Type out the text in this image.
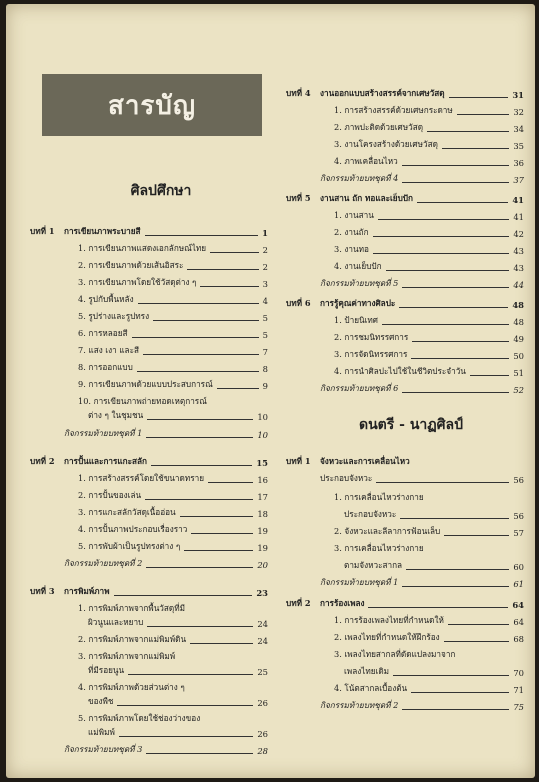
สารบัญ
ศิลปศึกษา
บทที่ 1	การเขียนภาพระบายสี	1
1. การเขียนภาพแสดงเอกลักษณ์ไทย	2
2. การเขียนภาพด้วยเส้นอิสระ	2
3. การเขียนภาพโดยใช้วัสดุต่าง ๆ	3
4. รูปกับพื้นหลัง	4
5. รูปร่างและรูปทรง	5
6. การหลอยสี	5
7. แสง เงา และสี	7
8. การออกแบบ	8
9. การเขียนภาพด้วยแบบประสบการณ์	9
10. การเขียนภาพถ่ายทอดเหตุการณ์
ต่าง ๆ ในชุมชน	10
กิจกรรมท้ายบทชุดที่ 1	10
บทที่ 2	การปั้นและการแกะสลัก	15
1. การสร้างสรรค์โดยใช้ขนาดทราย	16
2. การปั้นของเล่น	17
3. การแกะสลักวัสดุเนื้ออ่อน	18
4. การปั้นภาพประกอบเรื่องราว	19
5. การพับผ้าเป็นรูปทรงต่าง ๆ	19
กิจกรรมท้ายบทชุดที่ 2	20
บทที่ 3	การพิมพ์ภาพ	23
1. การพิมพ์ภาพจากพื้นวัสดุที่มี
ผิวนูนและหยาบ	24
2. การพิมพ์ภาพจากแม่พิมพ์ดิน	24
3. การพิมพ์ภาพจากแม่พิมพ์
ที่มีรอยนูน	25
4. การพิมพ์ภาพด้วยส่วนต่าง ๆ
ของพืช	26
5. การพิมพ์ภาพโดยใช้ช่องว่างของ
แม่พิมพ์	26
กิจกรรมท้ายบทชุดที่ 3	28
บทที่ 4	งานออกแบบสร้างสรรค์จากเศษวัสดุ	31
1. การสร้างสรรค์ด้วยเศษกระดาษ	32
2. ภาพปะติดด้วยเศษวัสดุ	34
3. งานโครงสร้างด้วยเศษวัสดุ	35
4. ภาพเคลื่อนไหว	36
กิจกรรมท้ายบทชุดที่ 4	37
บทที่ 5	งานสาน ถัก ทอและเย็บปัก	41
1. งานสาน	41
2. งานถัก	42
3. งานทอ	43
4. งานเย็บปัก	43
กิจกรรมท้ายบทชุดที่ 5	44
บทที่ 6	การรู้คุณค่าทางศิลปะ	48
1. ป้ายนิเทศ	48
2. การชมนิทรรศการ	49
3. การจัดนิทรรศการ	50
4. การนำศิลปะไปใช้ในชีวิตประจำวัน	51
กิจกรรมท้ายบทชุดที่ 6	52
ดนตรี - นาฏศิลป์
บทที่ 1	จังหวะและการเคลื่อนไหว
ประกอบจังหวะ	56
1. การเคลื่อนไหวร่างกาย
ประกอบจังหวะ	56
2. จังหวะและลีลาการฟ้อนเล็บ	57
3. การเคลื่อนไหวร่างกาย
ตามจังหวะสากล	60
กิจกรรมท้ายบทชุดที่ 1	61
บทที่ 2	การร้องเพลง	64
1. การร้องเพลงไทยที่กำหนดให้	64
2. เพลงไทยที่กำหนดให้ฝึกร้อง	68
3. เพลงไทยสากลที่ดัดแปลงมาจาก
เพลงไทยเดิม	70
4. โน้ตสากลเบื้องต้น	71
กิจกรรมท้ายบทชุดที่ 2	75
